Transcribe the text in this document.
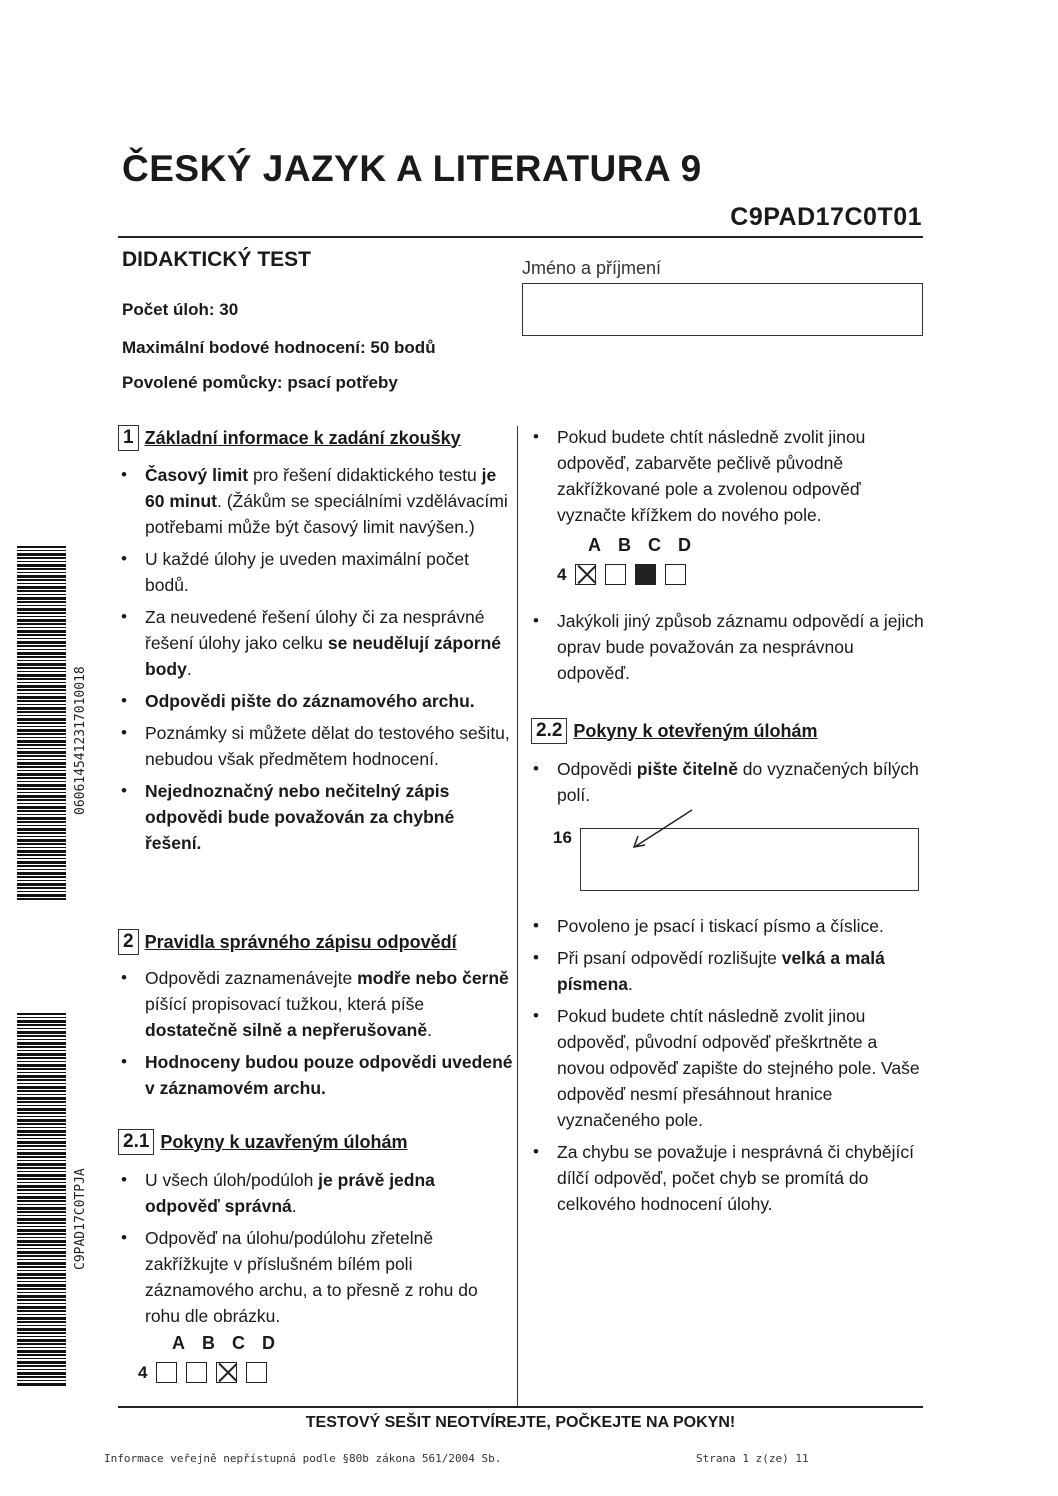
ČESKÝ JAZYK A LITERATURA 9
C9PAD17C0T01
DIDAKTICKÝ TEST
Počet úloh: 30
Maximální bodové hodnocení: 50 bodů
Povolené pomůcky: psací potřeby
Jméno a příjmení
1 Základní informace k zadání zkoušky
• Časový limit pro řešení didaktického testu je 60 minut. (Žákům se speciálními vzdělávacími potřebami může být časový limit navýšen.)
• U každé úlohy je uveden maximální počet bodů.
• Za neuvedené řešení úlohy či za nesprávné řešení úlohy jako celku se neudělují záporné body.
• Odpovědi pište do záznamového archu.
• Poznámky si můžete dělat do testového sešitu, nebudou však předmětem hodnocení.
• Nejednoznačný nebo nečitelný zápis odpovědi bude považován za chybné řešení.
2 Pravidla správného zápisu odpovědí
• Odpovědi zaznamenávejte modře nebo černě píšící propisovací tužkou, která píše dostatečně silně a nepřerušovaně.
• Hodnoceny budou pouze odpovědi uvedené v záznamovém archu.
2.1 Pokyny k uzavřeným úlohám
• U všech úloh/podúloh je právě jedna odpověď správná.
• Odpověď na úlohu/podúlohu zřetelně zakřížkujte v příslušném bílém poli záznamového archu, a to přesně z rohu do rohu dle obrázku.
A B C D
4
• Pokud budete chtít následně zvolit jinou odpověď, zabarvěte pečlivě původně zakřížkované pole a zvolenou odpověď vyznačte křížkem do nového pole.
A B C D
4
• Jakýkoli jiný způsob záznamu odpovědí a jejich oprav bude považován za nesprávnou odpověď.
2.2 Pokyny k otevřeným úlohám
• Odpovědi pište čitelně do vyznačených bílých polí.
16
• Povoleno je psací i tiskací písmo a číslice.
• Při psaní odpovědí rozlišujte velká a malá písmena.
• Pokud budete chtít následně zvolit jinou odpověď, původní odpověď přeškrtněte a novou odpověď zapište do stejného pole. Vaše odpověď nesmí přesáhnout hranice vyznačeného pole.
• Za chybu se považuje i nesprávná či chybějící dílčí odpověď, počet chyb se promítá do celkového hodnocení úlohy.
TESTOVÝ SEŠIT NEOTVÍREJTE, POČKEJTE NA POKYN!
Informace veřejně nepřístupná podle §80b zákona 561/2004 Sb.	Strana 1 z(ze) 11
0606145412317010018
C9PAD17C0TPJA
